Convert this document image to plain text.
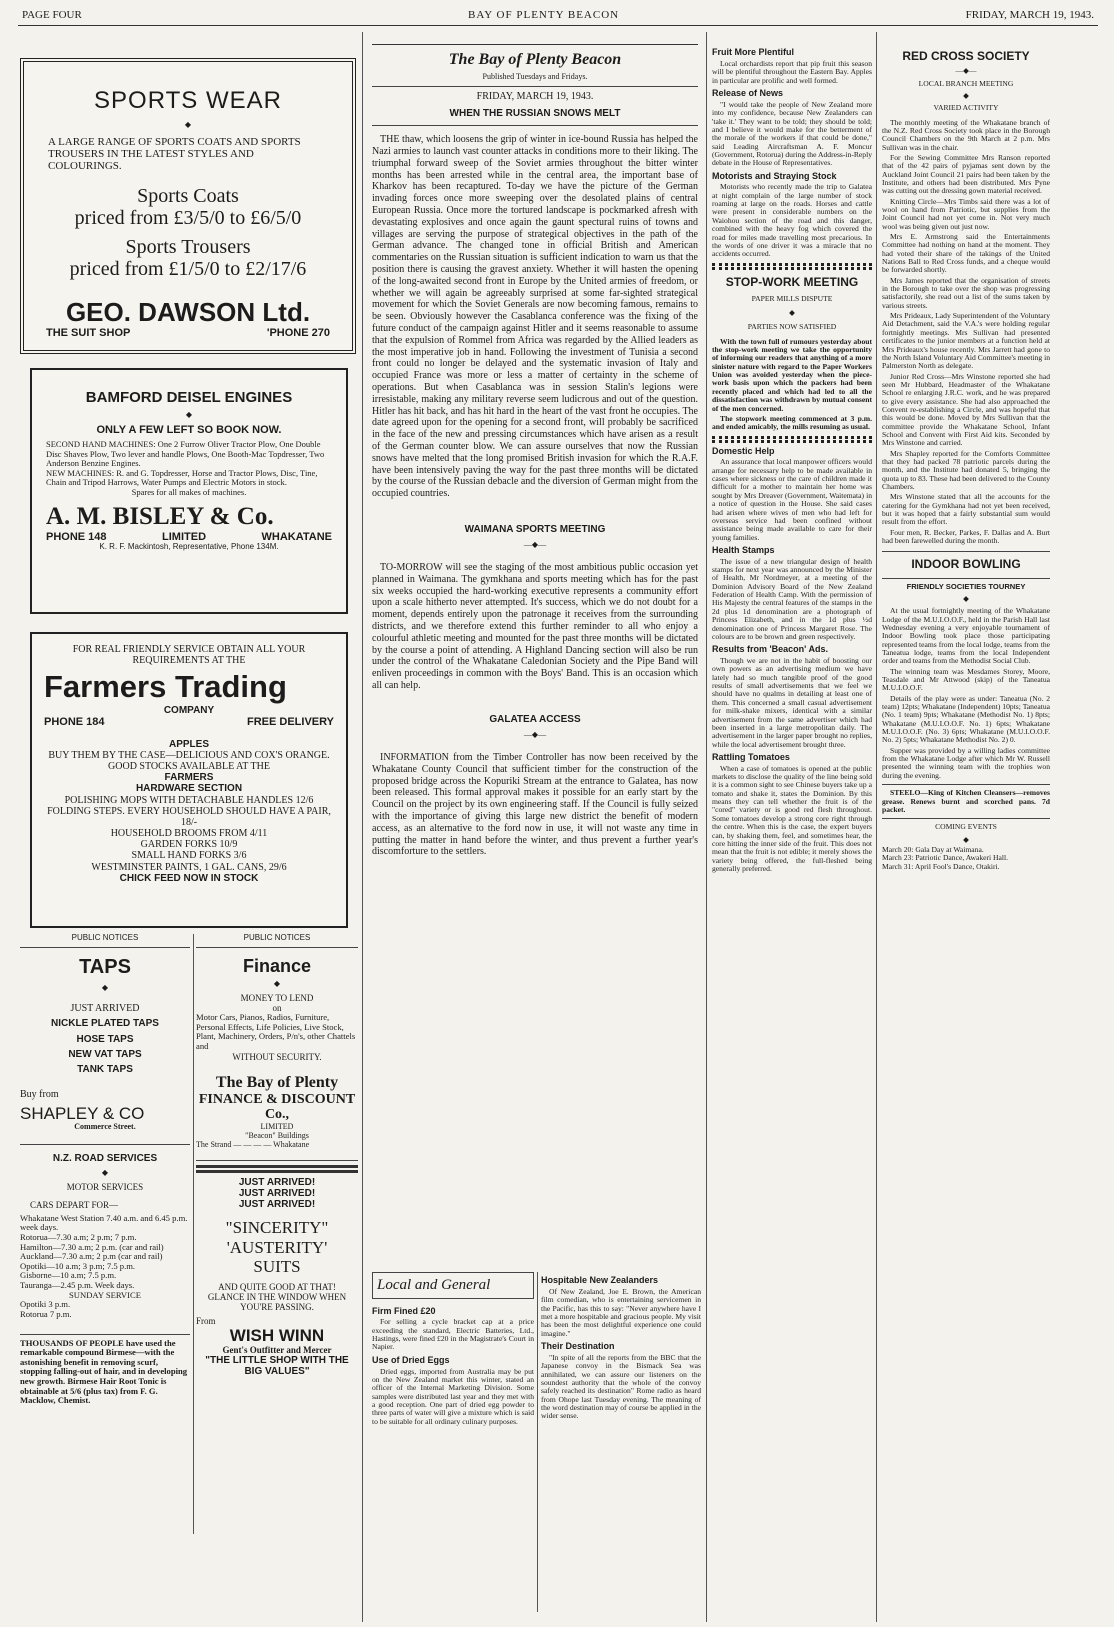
PAGE FOUR	BAY OF PLENTY BEACON	FRIDAY, MARCH 19, 1943.
SPORTS WEAR
◆
A LARGE RANGE OF SPORTS COATS AND SPORTS TROUSERS IN THE LATEST STYLES AND COLOURINGS.
Sports Coats
priced from £3/5/0 to £6/5/0
Sports Trousers
priced from £1/5/0 to £2/17/6
GEO. DAWSON Ltd.
THE SUIT SHOP	'PHONE 270
BAMFORD DEISEL ENGINES
◆
ONLY A FEW LEFT SO BOOK NOW.
SECOND HAND MACHINES: One 2 Furrow Oliver Tractor Plow, One Double Disc Shaves Plow, Two lever and handle Plows, One Booth-Mac Topdresser, Two Anderson Benzine Engines.
NEW MACHINES: R. and G. Topdresser, Horse and Tractor Plows, Disc, Tine, Chain and Tripod Harrows, Water Pumps and Electric Motors in stock.
Spares for all makes of machines.
A. M. BISLEY & Co.
PHONE 148	LIMITED	WHAKATANE
K. R. F. Mackintosh, Representative, Phone 134M.
FOR REAL FRIENDLY SERVICE OBTAIN ALL YOUR REQUIREMENTS AT THE
Farmers Trading
COMPANY
PHONE 184	FREE DELIVERY
APPLES
BUY THEM BY THE CASE—DELICIOUS AND COX'S ORANGE. GOOD STOCKS AVAILABLE AT THE
FARMERS
HARDWARE SECTION
POLISHING MOPS WITH DETACHABLE HANDLES 12/6
FOLDING STEPS. EVERY HOUSEHOLD SHOULD HAVE A PAIR, 18/-
HOUSEHOLD BROOMS FROM 4/11
GARDEN FORKS 10/9
SMALL HAND FORKS 3/6
WESTMINSTER PAINTS, 1 GAL. CANS, 29/6
CHICK FEED NOW IN STOCK
PUBLIC NOTICES
TAPS
◆
JUST ARRIVED
NICKLE PLATED TAPS
HOSE TAPS
NEW VAT TAPS
TANK TAPS
Buy from
SHAPLEY & CO
Commerce Street.
N.Z. ROAD SERVICES
◆
MOTOR SERVICES
CARS DEPART FOR—
Whakatane West Station 7.40 a.m. and 6.45 p.m. week days.
Rotorua—7.30 a.m; 2 p.m; 7 p.m.
Hamilton—7.30 a.m; 2 p.m. (car and rail)
Auckland—7.30 a.m; 2 p.m (car and rail)
Opotiki—10 a.m; 3 p.m; 7.5 p.m.
Gisborne—10 a.m; 7.5 p.m.
Tauranga—2.45 p.m. Week days.
SUNDAY SERVICE
Opotiki 3 p.m.
Rotorua 7 p.m.
THOUSANDS OF PEOPLE have used the remarkable compound Birmese—with the astonishing benefit in removing scurf, stopping falling-out of hair, and in developing new growth. Birmese Hair Root Tonic is obtainable at 5/6 (plus tax) from F. G. Macklow, Chemist.
PUBLIC NOTICES
Finance
◆
MONEY TO LEND
on
Motor Cars, Pianos, Radios, Furniture, Personal Effects, Life Policies, Live Stock, Plant, Machinery, Orders, P/n's, other Chattels and
WITHOUT SECURITY.
The Bay of Plenty
FINANCE & DISCOUNT Co.,
LIMITED
"Beacon" Buildings
The Strand — — — — Whakatane
JUST ARRIVED!
JUST ARRIVED!
JUST ARRIVED!
"SINCERITY"
'AUSTERITY'
SUITS
AND QUITE GOOD AT THAT!
GLANCE IN THE WINDOW WHEN YOU'RE PASSING.
From
WISH WINN
Gent's Outfitter and Mercer
"THE LITTLE SHOP WITH THE BIG VALUES"
The Bay of Plenty Beacon
Published Tuesdays and Fridays.
FRIDAY, MARCH 19, 1943.
WHEN THE RUSSIAN SNOWS MELT

THE thaw, which loosens the grip of winter in ice-bound Russia has helped the Nazi armies to launch vast counter attacks in conditions more to their liking. The triumphal forward sweep of the Soviet armies throughout the bitter winter months has been arrested while in the central area, the important base of Kharkov has been recaptured. To-day we have the picture of the German invading forces once more sweeping over the desolated plains of central European Russia. Once more the tortured landscape is pockmarked afresh with devastating explosives and once again the gaunt spectural ruins of towns and villages are serving the purpose of strategical objectives in the path of the German advance. The changed tone in official British and American commentaries on the Russian situation is sufficient indication to warn us that the position there is causing the gravest anxiety. Whether it will hasten the opening of the long-awaited second front in Europe by the United armies of freedom, or whether we will again be agreeably surprised at some far-sighted strategical movement for which the Soviet Generals are now becoming famous, remains to be seen. Obviously however the Casablanca conference was the fixing of the future conduct of the campaign against Hitler and it seems reasonable to assume that the expulsion of Rommel from Africa was regarded by the Allied leaders as the most imperative job in hand. Following the investment of Tunisia a second front could no longer be delayed and the systematic invasion of Italy and occupied France was more or less a matter of certainty in the scheme of operations. But when Casablanca was in session Stalin's legions were irresistable, making any military reverse seem ludicrous and out of the question. Hitler has hit back, and has hit hard in the heart of the vast front he occupies. The date agreed upon for the opening for a second front, will probably be sacrificed in the face of the new and pressing circumstances which have arisen as a result of the German counter blow. We can assure ourselves that now the Russian snows have melted that the long promised British invasion for which the R.A.F. have been intensively paving the way for the past three months will be dictated by the course of the Russian debacle and the diversion of German might from the occupied countries.

WAIMANA SPORTS MEETING
—◆—

TO-MORROW will see the staging of the most ambitious public occasion yet planned in Waimana. The gymkhana and sports meeting which has for the past six weeks occupied the hard-working executive represents a community effort upon a scale hitherto never attempted. It's success, which we do not doubt for a moment, depends entirely upon the patronage it receives from the surrounding districts, and we therefore extend this further reminder to all who enjoy a colourful athletic meeting and mounted for the past three months will be dictated by the course a point of attending. A Highland Dancing section will also be run under the control of the Whakatane Caledonian Society and the Pipe Band will enliven proceedings in common with the Boys' Band. This is an occasion which all can help.

GALATEA ACCESS
—◆—

INFORMATION from the Timber Controller has now been received by the Whakatane County Council that sufficient timber for the construction of the proposed bridge across the Kopuriki Stream at the entrance to Galatea, has now been released. This formal approval makes it possible for an early start by the Council on the project by its own engineering staff. If the Council is fully seized with the importance of giving this large new district the benefit of modern access, as an alternative to the ford now in use, it will not waste any time in putting the matter in hand before the winter, and thus prevent a further year's discomforture to the settlers.

Local and General
Firm Fined £20

For selling a cycle bracket cap at a price exceeding the standard, Electric Batteries, Ltd., Hastings, were fined £20 in the Magistrate's Court in Napier.

Use of Dried Eggs

Dried eggs, imported from Australia may be put on the New Zealand market this winter, stated an officer of the Internal Marketing Division. Some samples were distributed last year and they met with a good reception. One part of dried egg powder to three parts of water will give a mixture which is said to be suitable for all ordinary culinary purposes.

Hospitable New Zealanders

Of New Zealand, Joe E. Brown, the American film comedian, who is entertaining servicemen in the Pacific, has this to say: "Never anywhere have I met a more hospitable and gracious people. My visit has been the most delightful experience one could imagine."

Their Destination

"In spite of all the reports from the BBC that the Japanese convoy in the Bismack Sea was annihilated, we can assure our listeners on the soundest authority that the whole of the convoy safely reached its destination" Rome radio as heard from Ohope last Tuesday evening. The meaning of the word destination may of course be applied in the wider sense.

Fruit More Plentiful

Local orchardists report that pip fruit this season will be plentiful throughout the Eastern Bay. Apples in particular are prolific and well formed.

Release of News

"I would take the people of New Zealand more into my confidence, because New Zealanders can 'take it.' They want to be told; they should be told; and I believe it would make for the betterment of the morale of the workers if that could be done," said Leading Aircraftsman A. F. Moncur (Government, Rotorua) during the Address-in-Reply debate in the House of Representatives.

Motorists and Straying Stock

Motorists who recently made the trip to Galatea at night complain of the large number of stock roaming at large on the roads. Horses and cattle were present in considerable numbers on the Waiohou section of the road and this danger, combined with the heavy fog which covered the road for miles made travelling most precarious. In the words of one driver it was a miracle that no accidents occurred.

STOP-WORK MEETING
PAPER MILLS DISPUTE
◆
PARTIES NOW SATISFIED

With the town full of rumours yesterday about the stop-work meeting we take the opportunity of informing our readers that anything of a more sinister nature with regard to the Paper Workers Union was avoided yesterday when the piece-work basis upon which the packers had been recently placed and which had led to all the dissatisfaction was withdrawn by mutual consent of the men concerned.

The stopwork meeting commenced at 3 p.m. and ended amicably, the mills resuming as usual.

Domestic Help

An assurance that local manpower officers would arrange for necessary help to be made available in cases where sickness or the care of children made it difficult for a mother to maintain her home was sought by Mrs Dreaver (Government, Waitemata) in a notice of question in the House. She said cases had arisen where wives of men who had left for overseas service had been confined without assistance being made available to care for their young families.

Health Stamps

The issue of a new triangular design of health stamps for next year was announced by the Minister of Health, Mr Nordmeyer, at a meeting of the Dominion Advisory Board of the New Zealand Federation of Health Camp. With the permission of His Majesty the central features of the stamps in the 2d plus 1d denomination are a photograph of Princess Elizabeth, and in the 1d plus ½d denomination one of Princess Margaret Rose. The colours are to be brown and green respectively.

Results from 'Beacon' Ads.

Though we are not in the habit of boosting our own powers as an advertising medium we have lately had so much tangible proof of the good results of small advertisements that we feel we should have no qualms in detailing at least one of them. This concerned a small casual advertisement for milk-shake mixers, identical with a similar advertisement from the same advertiser which had been inserted in a large metropolitan daily. The advertisement in the larger paper brought no replies, while the local advertisement brought three.

Rattling Tomatoes

When a case of tomatoes is opened at the public markets to disclose the quality of the line being sold it is a common sight to see Chinese buyers take up a tomato and shake it, states the Dominion. By this means they can tell whether the fruit is of the "cored" variety or is good red flesh throughout. Some tomatoes develop a strong core right through the centre. When this is the case, the expert buyers can, by shaking them, feel, and sometimes hear, the core hitting the inner side of the fruit. This does not mean that the fruit is not edible; it merely shows the variety being offered, the full-fleshed being generally preferred.

RED CROSS SOCIETY
—◆—
LOCAL BRANCH MEETING
◆
VARIED ACTIVITY

The monthly meeting of the Whakatane branch of the N.Z. Red Cross Society took place in the Borough Council Chambers on the 9th March at 2 p.m. Mrs Sullivan was in the chair.

For the Sewing Committee Mrs Ranson reported that of the 42 pairs of pyjamas sent down by the Auckland Joint Council 21 pairs had been taken by the Institute, and others had been distributed. Mrs Pyne was cutting out the dressing gown material received.

Knitting Circle—Mrs Timbs said there was a lot of wool on hand from Patriotic, but supplies from the Joint Council had not yet come in. Not very much wool was being given out just now.

Mrs E. Armstrong said the Entertainments Committee had nothing on hand at the moment. They had voted their share of the takings of the United Nations Ball to Red Cross funds, and a cheque would be forwarded shortly.

Mrs James reported that the organisation of streets in the Borough to take over the shop was progressing satisfactorily, she read out a list of the sums taken by various streets.

Mrs Prideaux, Lady Superintendent of the Voluntary Aid Detachment, said the V.A.'s were holding regular fortnightly meetings. Mrs Sullivan had presented certificates to the junior members at a function held at Mrs Prideaux's house recently. Mrs Jarrett had gone to the North Island Voluntary Aid Committee's meeting in Palmerston North as delegate.

Junior Red Cross—Mrs Winstone reported she had seen Mr Hubbard, Headmaster of the Whakatane School re enlarging J.R.C. work, and he was prepared to give every assistance. She had also approached the Convent re-establishing a Circle, and was hopeful that this would be done. Moved by Mrs Sullivan that the committee provide the Whakatane School, Infant School and Convent with First Aid kits. Seconded by Mrs Winstone and carried.

Mrs Shapley reported for the Comforts Committee that they had packed 78 patriotic parcels during the month, and the Institute had donated 5, bringing the quota up to 83. These had been delivered to the County Chambers.

Mrs Winstone stated that all the accounts for the catering for the Gymkhana had not yet been received, but it was hoped that a fairly substantial sum would result from the effort.

Four men, R. Becker, Parkes, F. Dallas and A. Burt had been farewelled during the month.

INDOOR BOWLING
FRIENDLY SOCIETIES TOURNEY
◆

At the usual fortnightly meeting of the Whakatane Lodge of the M.U.I.O.O.F., held in the Parish Hall last Wednesday evening a very enjoyable tournament of Indoor Bowling took place those participating represented teams from the local lodge, teams from the Taneatua lodge, teams from the local Independent order and teams from the Methodist Social Club.

The winning team was Mesdames Storey, Moore, Teasdale and Mr Attwood (skip) of the Taneatua M.U.I.O.O.F.

Details of the play were as under: Taneatua (No. 2 team) 12pts; Whakatane (Independent) 10pts; Taneatua (No. 1 team) 9pts; Whakatane (Methodist No. 1) 8pts; Whakatane (M.U.I.O.O.F. No. 1) 6pts; Whakatane M.U.I.O.O.F. (No. 3) 6pts; Whakatane (M.U.I.O.O.F. No. 2) 5pts; Whakatane Methodist No. 2) 0.

Supper was provided by a willing ladies committee from the Whakatane Lodge after which Mr W. Russell presented the winning team with the trophies won during the evening.

STEELO—King of Kitchen Cleansers—removes grease. Renews burnt and scorched pans. 7d packet.

COMING EVENTS
◆
March 20: Gala Day at Waimana.
March 23: Patriotic Dance, Awakeri Hall.
March 31: April Fool's Dance, Otakiri.
